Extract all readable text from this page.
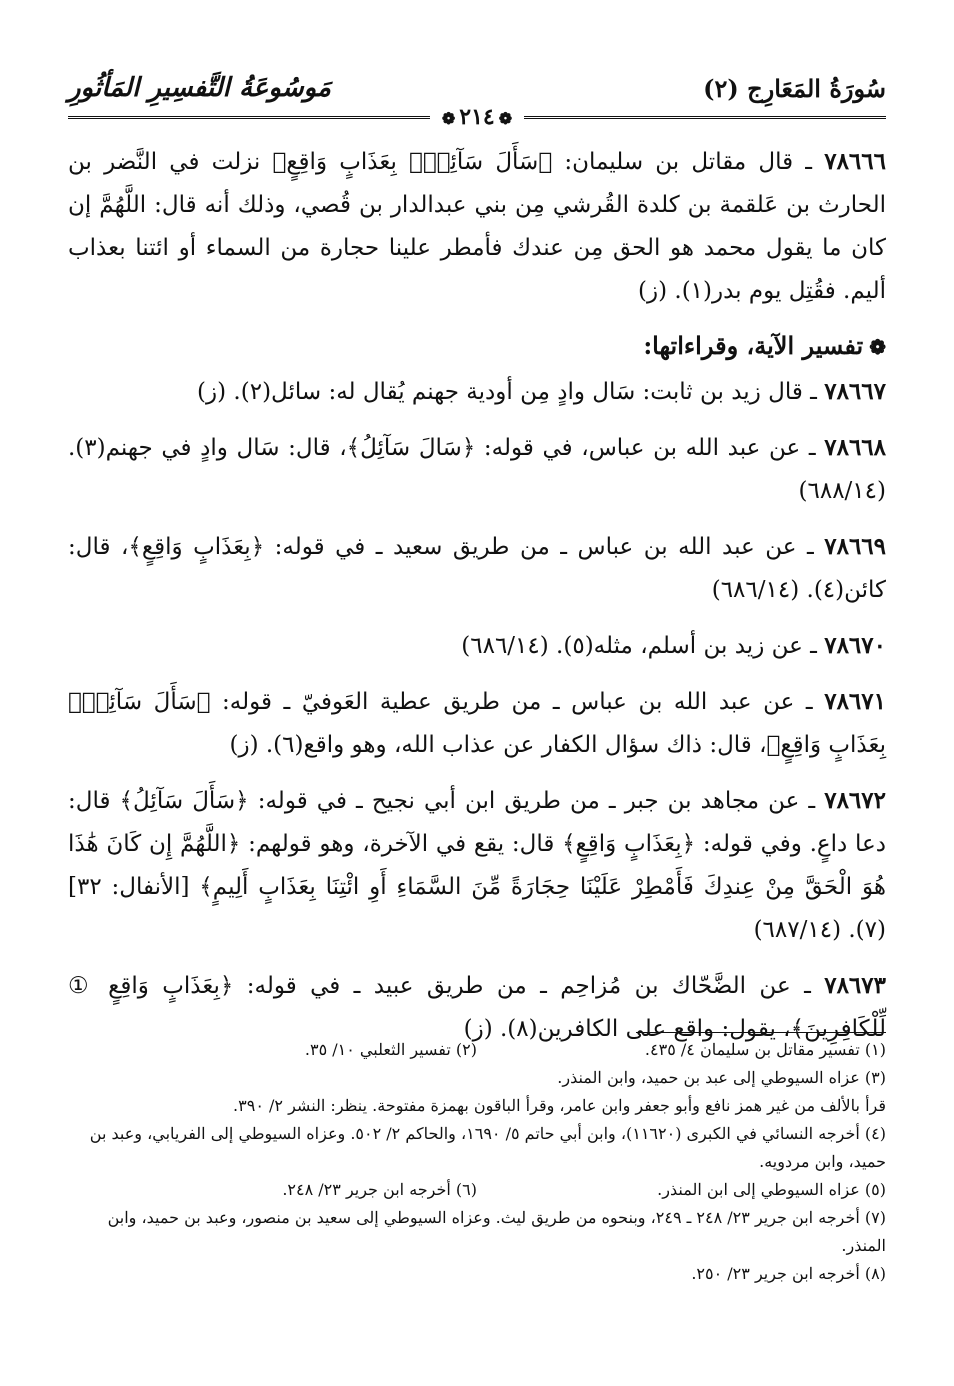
سُورَةُ المَعَارِج (٢)
مَوسُوعَةُ التَّفسِيرِ المَأثُورِ
❁٢١٤❁

٧٨٦٦٦ ـ قال مقاتل بن سليمان: ﴿سَأَلَ سَآئِلُۢ بِعَذَابٍ وَاقِعٍ﴾ نزلت في النَّضر بن الحارث بن عَلقمة بن كلدة القُرشي مِن بني عبدالدار بن قُصي، وذلك أنه قال: اللَّهُمَّ إن كان ما يقول محمد هو الحق مِن عندك فأمطر علينا حجارة من السماء أو ائتنا بعذاب أليم. فقُتِل يوم بدر(١). (ز)

❁تفسير الآية، وقراءاتها:

٧٨٦٦٧ ـ قال زيد بن ثابت: سَال وادٍ مِن أودية جهنم يُقال له: سائل(٢). (ز)

٧٨٦٦٨ ـ عن عبد الله بن عباس، في قوله: ﴿سَالَ سَآئِلُ﴾، قال: سَال وادٍ في جهنم(٣). (٦٨٨/١٤)

٧٨٦٦٩ ـ عن عبد الله بن عباس ـ من طريق سعيد ـ في قوله: ﴿بِعَذَابٍ وَاقِعٍ﴾، قال: كائن(٤). (٦٨٦/١٤)

٧٨٦٧٠ ـ عن زيد بن أسلم، مثله(٥). (٦٨٦/١٤)

٧٨٦٧١ ـ عن عبد الله بن عباس ـ من طريق عطية العَوفيّ ـ قوله: ﴿سَأَلَ سَآئِلُۢ بِعَذَابٍ وَاقِعٍ﴾، قال: ذاك سؤال الكفار عن عذاب الله، وهو واقع(٦). (ز)

٧٨٦٧٢ ـ عن مجاهد بن جبر ـ من طريق ابن أبي نجيح ـ في قوله: ﴿سَأَلَ سَآئِلُ﴾ قال: دعا داعٍ. وفي قوله: ﴿بِعَذَابٍ وَاقِعٍ﴾ قال: يقع في الآخرة، وهو قولهم: ﴿اللَّهُمَّ إِن كَانَ هَٰذَا هُوَ الْحَقَّ مِنْ عِندِكَ فَأَمْطِرْ عَلَيْنَا حِجَارَةً مِّنَ السَّمَاءِ أَوِ ائْتِنَا بِعَذَابٍ أَلِيمٍ﴾ [الأنفال: ٣٢](٧). (٦٨٧/١٤)

٧٨٦٧٣ ـ عن الضَّحّاك بن مُزاحِم ـ من طريق عبيد ـ في قوله: ﴿بِعَذَابٍ وَاقِعٍ ① لِّلْكَافِرِينَ﴾، يقول: واقع على الكافرين(٨). (ز)

(١) تفسير مقاتل بن سليمان ٤/ ٤٣٥.
(٢) تفسير الثعلبي ١٠/ ٣٥.

(٣) عزاه السيوطي إلى عبد بن حميد، وابن المنذر.

قرأ بالألف من غير همز نافع وأبو جعفر وابن عامر، وقرأ الباقون بهمزة مفتوحة. ينظر: النشر ٢/ ٣٩٠.

(٤) أخرجه النسائي في الكبرى (١١٦٢٠)، وابن أبي حاتم ٥/ ١٦٩٠، والحاكم ٢/ ٥٠٢. وعزاه السيوطي إلى الفريابي، وعبد بن حميد، وابن مردويه.

(٥) عزاه السيوطي إلى ابن المنذر.
(٦) أخرجه ابن جرير ٢٣/ ٢٤٨.

(٧) أخرجه ابن جرير ٢٣/ ٢٤٨ ـ ٢٤٩، وبنحوه من طريق ليث. وعزاه السيوطي إلى سعيد بن منصور، وعبد بن حميد، وابن المنذر.

(٨) أخرجه ابن جرير ٢٣/ ٢٥٠.
